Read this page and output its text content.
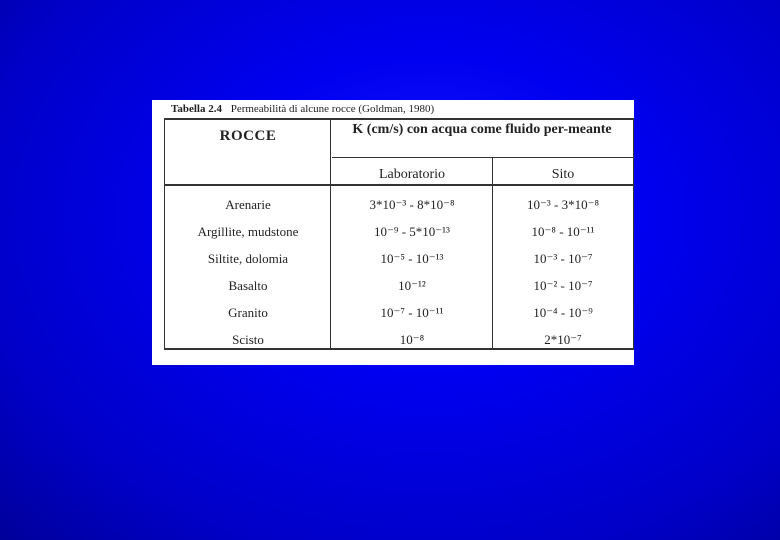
Tabella 2.4 Permeabilità di alcune rocce (Goldman, 1980)
ROCCE	K (cm/s) con acqua come fluido per-meante
Laboratorio	Sito
Arenarie	3*10⁻³ - 8*10⁻⁸	10⁻³ - 3*10⁻⁸
Argillite, mudstone	10⁻⁹ - 5*10⁻¹³	10⁻⁸ - 10⁻¹¹
Siltite, dolomia	10⁻⁵ - 10⁻¹³	10⁻³ - 10⁻⁷
Basalto	10⁻¹²	10⁻² - 10⁻⁷
Granito	10⁻⁷ - 10⁻¹¹	10⁻⁴ - 10⁻⁹
Scisto	10⁻⁸	2*10⁻⁷
